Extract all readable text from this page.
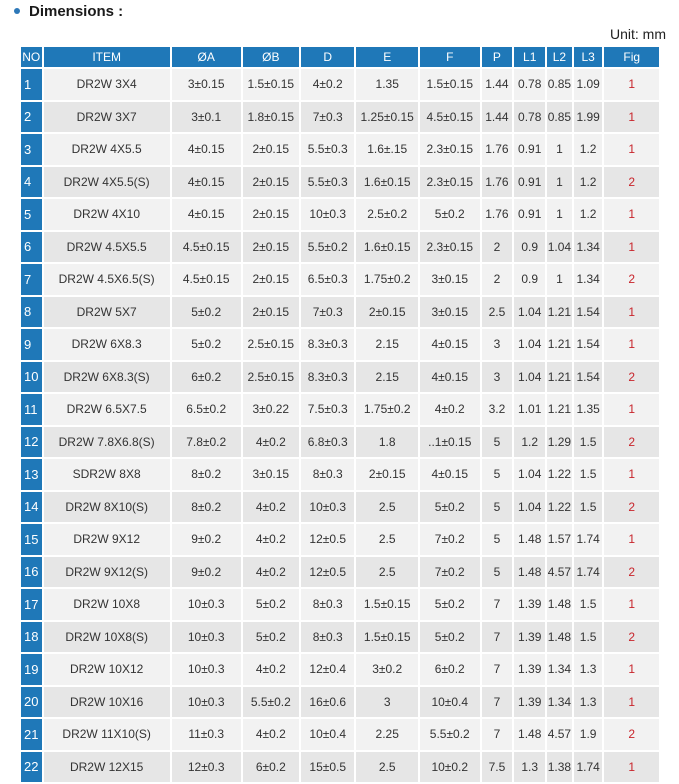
Dimensions :
Unit: mm
NO	ITEM	ØA	ØB	D	E	F	P	L1	L2	L3	Fig
1	DR2W 3X4	3±0.15	1.5±0.15	4±0.2	1.35	1.5±0.15	1.44	0.78	0.85	1.09	1
2	DR2W 3X7	3±0.1	1.8±0.15	7±0.3	1.25±0.15	4.5±0.15	1.44	0.78	0.85	1.99	1
3	DR2W 4X5.5	4±0.15	2±0.15	5.5±0.3	1.6±.15	2.3±0.15	1.76	0.91	1	1.2	1
4	DR2W 4X5.5(S)	4±0.15	2±0.15	5.5±0.3	1.6±0.15	2.3±0.15	1.76	0.91	1	1.2	2
5	DR2W 4X10	4±0.15	2±0.15	10±0.3	2.5±0.2	5±0.2	1.76	0.91	1	1.2	1
6	DR2W 4.5X5.5	4.5±0.15	2±0.15	5.5±0.2	1.6±0.15	2.3±0.15	2	0.9	1.04	1.34	1
7	DR2W 4.5X6.5(S)	4.5±0.15	2±0.15	6.5±0.3	1.75±0.2	3±0.15	2	0.9	1	1.34	2
8	DR2W 5X7	5±0.2	2±0.15	7±0.3	2±0.15	3±0.15	2.5	1.04	1.21	1.54	1
9	DR2W 6X8.3	5±0.2	2.5±0.15	8.3±0.3	2.15	4±0.15	3	1.04	1.21	1.54	1
10	DR2W 6X8.3(S)	6±0.2	2.5±0.15	8.3±0.3	2.15	4±0.15	3	1.04	1.21	1.54	2
11	DR2W 6.5X7.5	6.5±0.2	3±0.22	7.5±0.3	1.75±0.2	4±0.2	3.2	1.01	1.21	1.35	1
12	DR2W 7.8X6.8(S)	7.8±0.2	4±0.2	6.8±0.3	1.8	..1±0.15	5	1.2	1.29	1.5	2
13	SDR2W 8X8	8±0.2	3±0.15	8±0.3	2±0.15	4±0.15	5	1.04	1.22	1.5	1
14	DR2W 8X10(S)	8±0.2	4±0.2	10±0.3	2.5	5±0.2	5	1.04	1.22	1.5	2
15	DR2W 9X12	9±0.2	4±0.2	12±0.5	2.5	7±0.2	5	1.48	1.57	1.74	1
16	DR2W 9X12(S)	9±0.2	4±0.2	12±0.5	2.5	7±0.2	5	1.48	4.57	1.74	2
17	DR2W 10X8	10±0.3	5±0.2	8±0.3	1.5±0.15	5±0.2	7	1.39	1.48	1.5	1
18	DR2W 10X8(S)	10±0.3	5±0.2	8±0.3	1.5±0.15	5±0.2	7	1.39	1.48	1.5	2
19	DR2W 10X12	10±0.3	4±0.2	12±0.4	3±0.2	6±0.2	7	1.39	1.34	1.3	1
20	DR2W 10X16	10±0.3	5.5±0.2	16±0.6	3	10±0.4	7	1.39	1.34	1.3	1
21	DR2W 11X10(S)	11±0.3	4±0.2	10±0.4	2.25	5.5±0.2	7	1.48	4.57	1.9	2
22	DR2W 12X15	12±0.3	6±0.2	15±0.5	2.5	10±0.2	7.5	1.3	1.38	1.74	1
